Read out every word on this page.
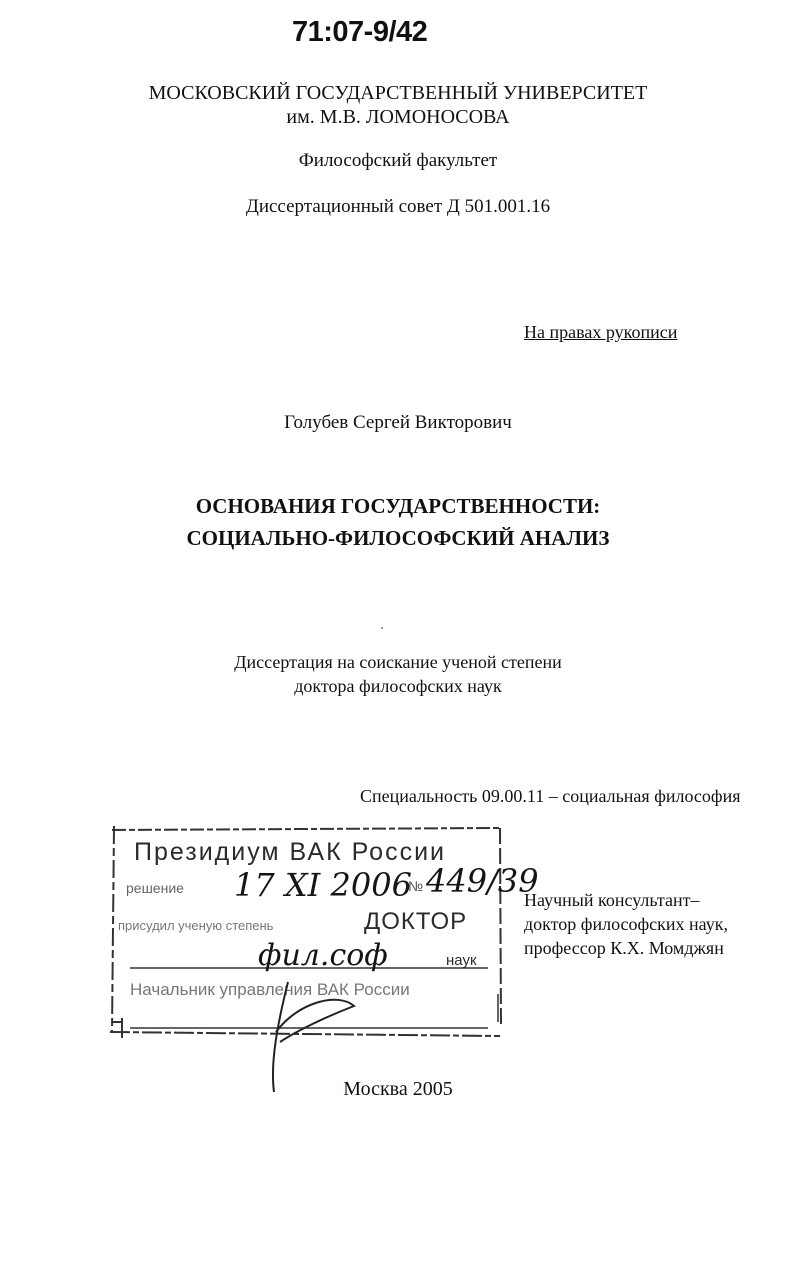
71:07-9/42
МОСКОВСКИЙ ГОСУДАРСТВЕННЫЙ УНИВЕРСИТЕТ
им. М.В. ЛОМОНОСОВА
Философский факультет
Диссертационный совет Д 501.001.16
На правах рукописи
Голубев Сергей Викторович
ОСНОВАНИЯ ГОСУДАРСТВЕННОСТИ:
СОЦИАЛЬНО-ФИЛОСОФСКИЙ АНАЛИЗ
Диссертация на соискание ученой степени
доктора философских наук
Специальность 09.00.11 – социальная философия
Президиум ВАК России
решение 17 XI 2006
№ 449/39
присудил ученую степень	ДОКТОР
фил.соф	наук
Начальник управления ВАК России
Научный консультант–
доктор философских наук,
профессор К.Х. Момджян
Москва 2005
